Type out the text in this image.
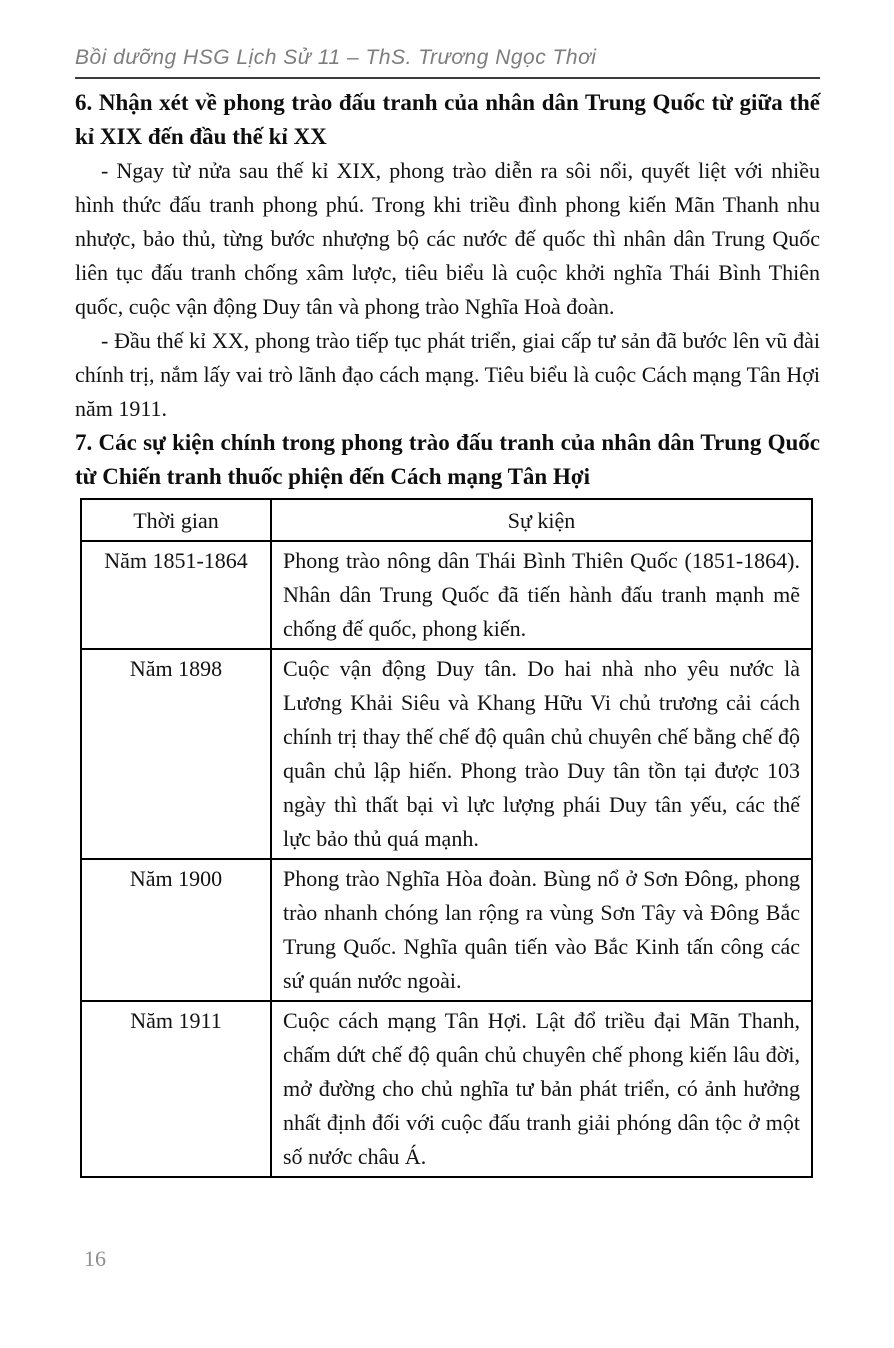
Bồi dưỡng HSG Lịch Sử 11 – ThS. Trương Ngọc Thơi
6. Nhận xét về phong trào đấu tranh của nhân dân Trung Quốc từ giữa thế kỉ XIX đến đầu thế kỉ XX

- Ngay từ nửa sau thế kỉ XIX, phong trào diễn ra sôi nổi, quyết liệt với nhiều hình thức đấu tranh phong phú. Trong khi triều đình phong kiến Mãn Thanh nhu nhược, bảo thủ, từng bước nhượng bộ các nước đế quốc thì nhân dân Trung Quốc liên tục đấu tranh chống xâm lược, tiêu biểu là cuộc khởi nghĩa Thái Bình Thiên quốc, cuộc vận động Duy tân và phong trào Nghĩa Hoà đoàn.

- Đầu thế kỉ XX, phong trào tiếp tục phát triển, giai cấp tư sản đã bước lên vũ đài chính trị, nắm lấy vai trò lãnh đạo cách mạng. Tiêu biểu là cuộc Cách mạng Tân Hợi năm 1911.

7. Các sự kiện chính trong phong trào đấu tranh của nhân dân Trung Quốc từ Chiến tranh thuốc phiện đến Cách mạng Tân Hợi
Thời gian	Sự kiện
Năm 1851-1864	Phong trào nông dân Thái Bình Thiên Quốc (1851-1864). Nhân dân Trung Quốc đã tiến hành đấu tranh mạnh mẽ chống đế quốc, phong kiến.
Năm 1898	Cuộc vận động Duy tân. Do hai nhà nho yêu nước là Lương Khải Siêu và Khang Hữu Vi chủ trương cải cách chính trị thay thế chế độ quân chủ chuyên chế bằng chế độ quân chủ lập hiến. Phong trào Duy tân tồn tại được 103 ngày thì thất bại vì lực lượng phái Duy tân yếu, các thế lực bảo thủ quá mạnh.
Năm 1900	Phong trào Nghĩa Hòa đoàn. Bùng nổ ở Sơn Đông, phong trào nhanh chóng lan rộng ra vùng Sơn Tây và Đông Bắc Trung Quốc. Nghĩa quân tiến vào Bắc Kinh tấn công các sứ quán nước ngoài.
Năm 1911	Cuộc cách mạng Tân Hợi. Lật đổ triều đại Mãn Thanh, chấm dứt chế độ quân chủ chuyên chế phong kiến lâu đời, mở đường cho chủ nghĩa tư bản phát triển, có ảnh hưởng nhất định đối với cuộc đấu tranh giải phóng dân tộc ở một số nước châu Á.
16
